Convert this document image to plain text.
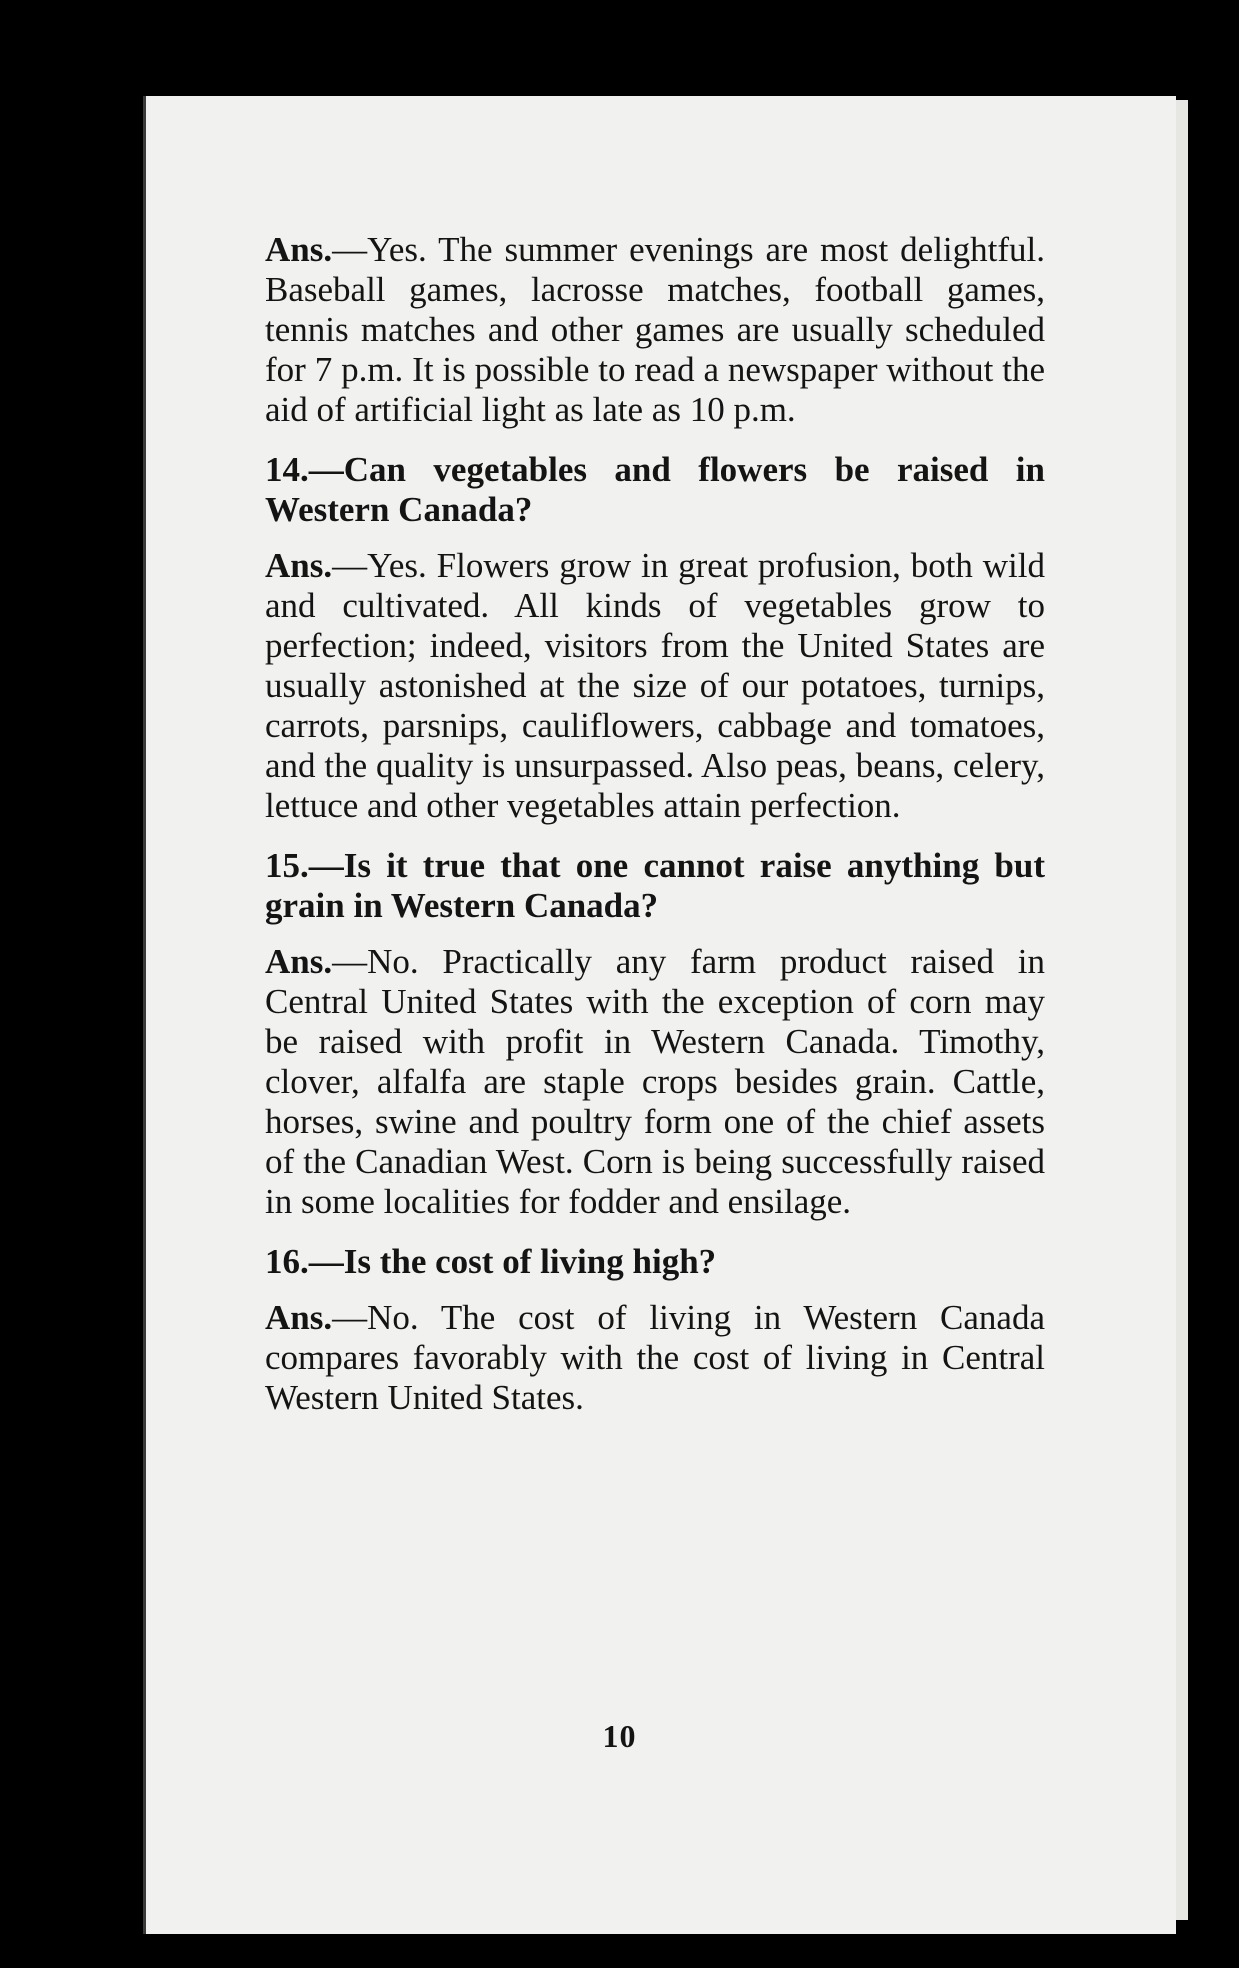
Ans.—Yes. The summer evenings are most delightful. Baseball games, lacrosse matches, football games, tennis matches and other games are usually scheduled for 7 p.m. It is possible to read a newspaper without the aid of artificial light as late as 10 p.m.

14.—Can vegetables and flowers be raised in Western Canada?

Ans.—Yes. Flowers grow in great profusion, both wild and cultivated. All kinds of vegetables grow to perfection; indeed, visitors from the United States are usually astonished at the size of our potatoes, turnips, carrots, parsnips, cauliflowers, cabbage and tomatoes, and the quality is unsurpassed. Also peas, beans, celery, lettuce and other vegetables attain perfection.

15.—Is it true that one cannot raise anything but grain in Western Canada?

Ans.—No. Practically any farm product raised in Central United States with the exception of corn may be raised with profit in Western Canada. Timothy, clover, alfalfa are staple crops besides grain. Cattle, horses, swine and poultry form one of the chief assets of the Canadian West. Corn is being successfully raised in some localities for fodder and ensilage.

16.—Is the cost of living high?

Ans.—No. The cost of living in Western Canada compares favorably with the cost of living in Central Western United States.

10
